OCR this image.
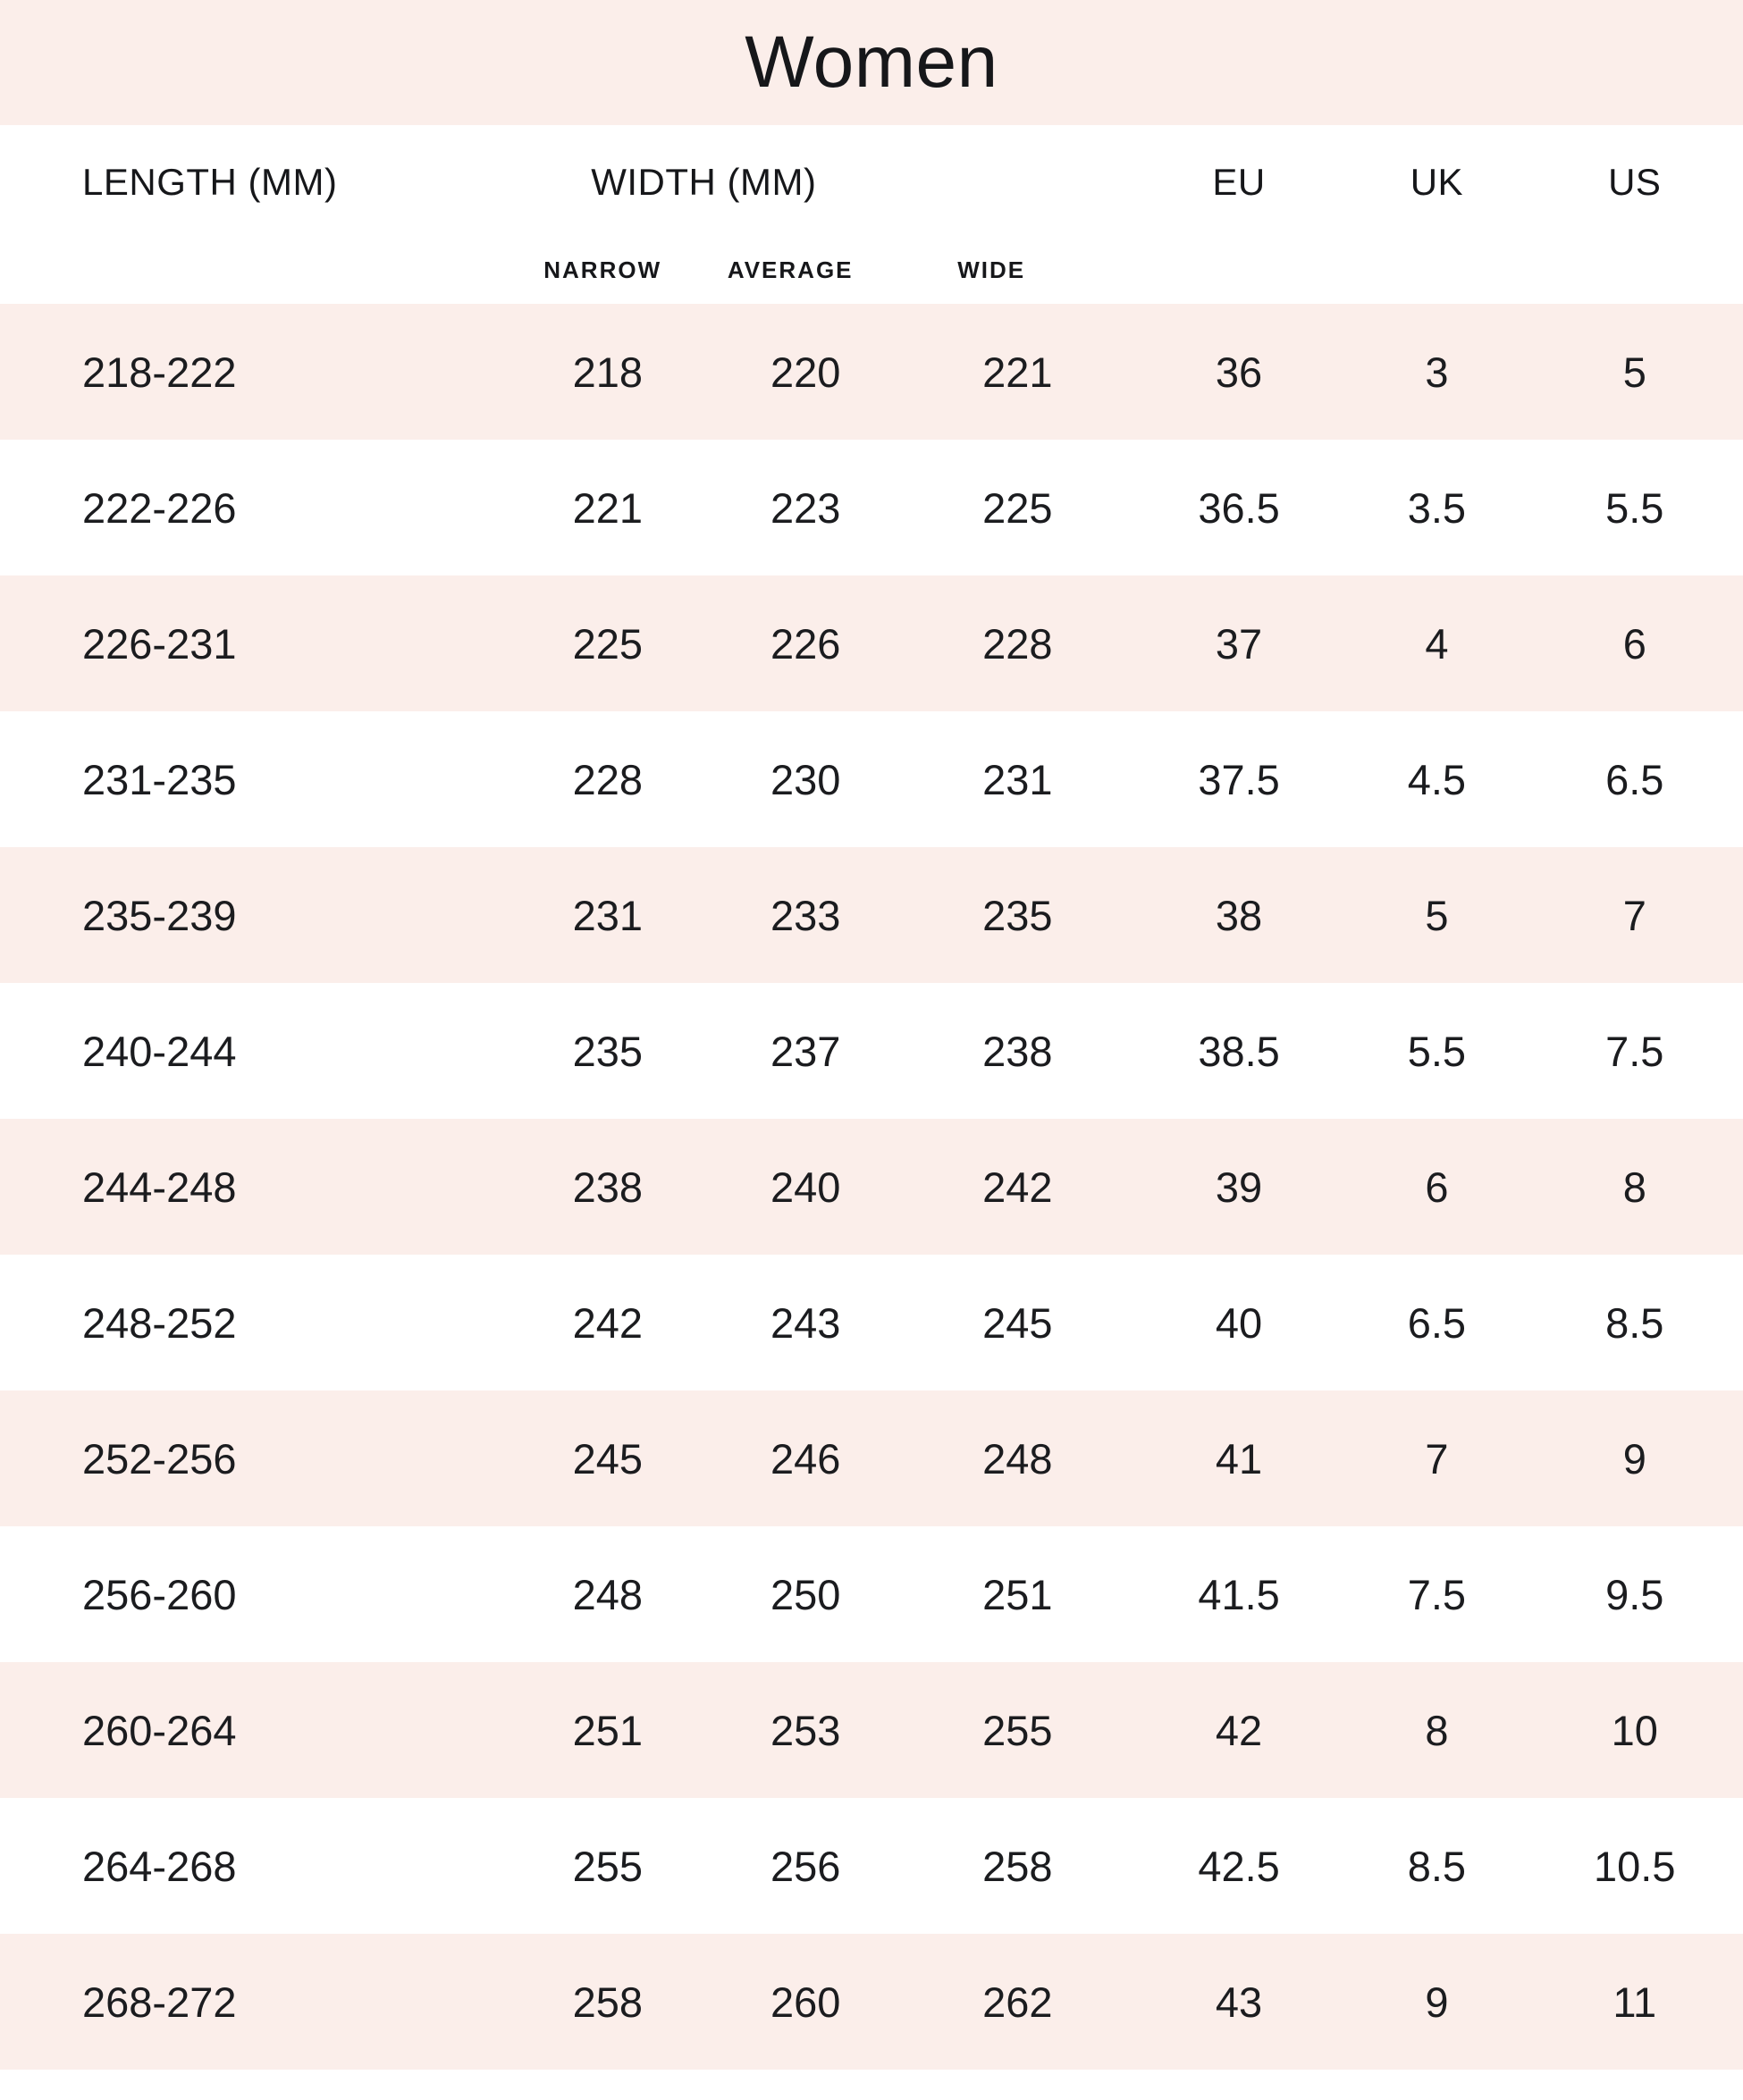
Women
LENGTH (MM)	WIDTH (MM)
NARROW AVERAGE WIDE			EU	UK	US

218-222	218	220	221	36	3	5
222-226	221	223	225	36.5	3.5	5.5
226-231	225	226	228	37	4	6
231-235	228	230	231	37.5	4.5	6.5
235-239	231	233	235	38	5	7
240-244	235	237	238	38.5	5.5	7.5
244-248	238	240	242	39	6	8
248-252	242	243	245	40	6.5	8.5
252-256	245	246	248	41	7	9
256-260	248	250	251	41.5	7.5	9.5
260-264	251	253	255	42	8	10
264-268	255	256	258	42.5	8.5	10.5
268-272	258	260	262	43	9	11
